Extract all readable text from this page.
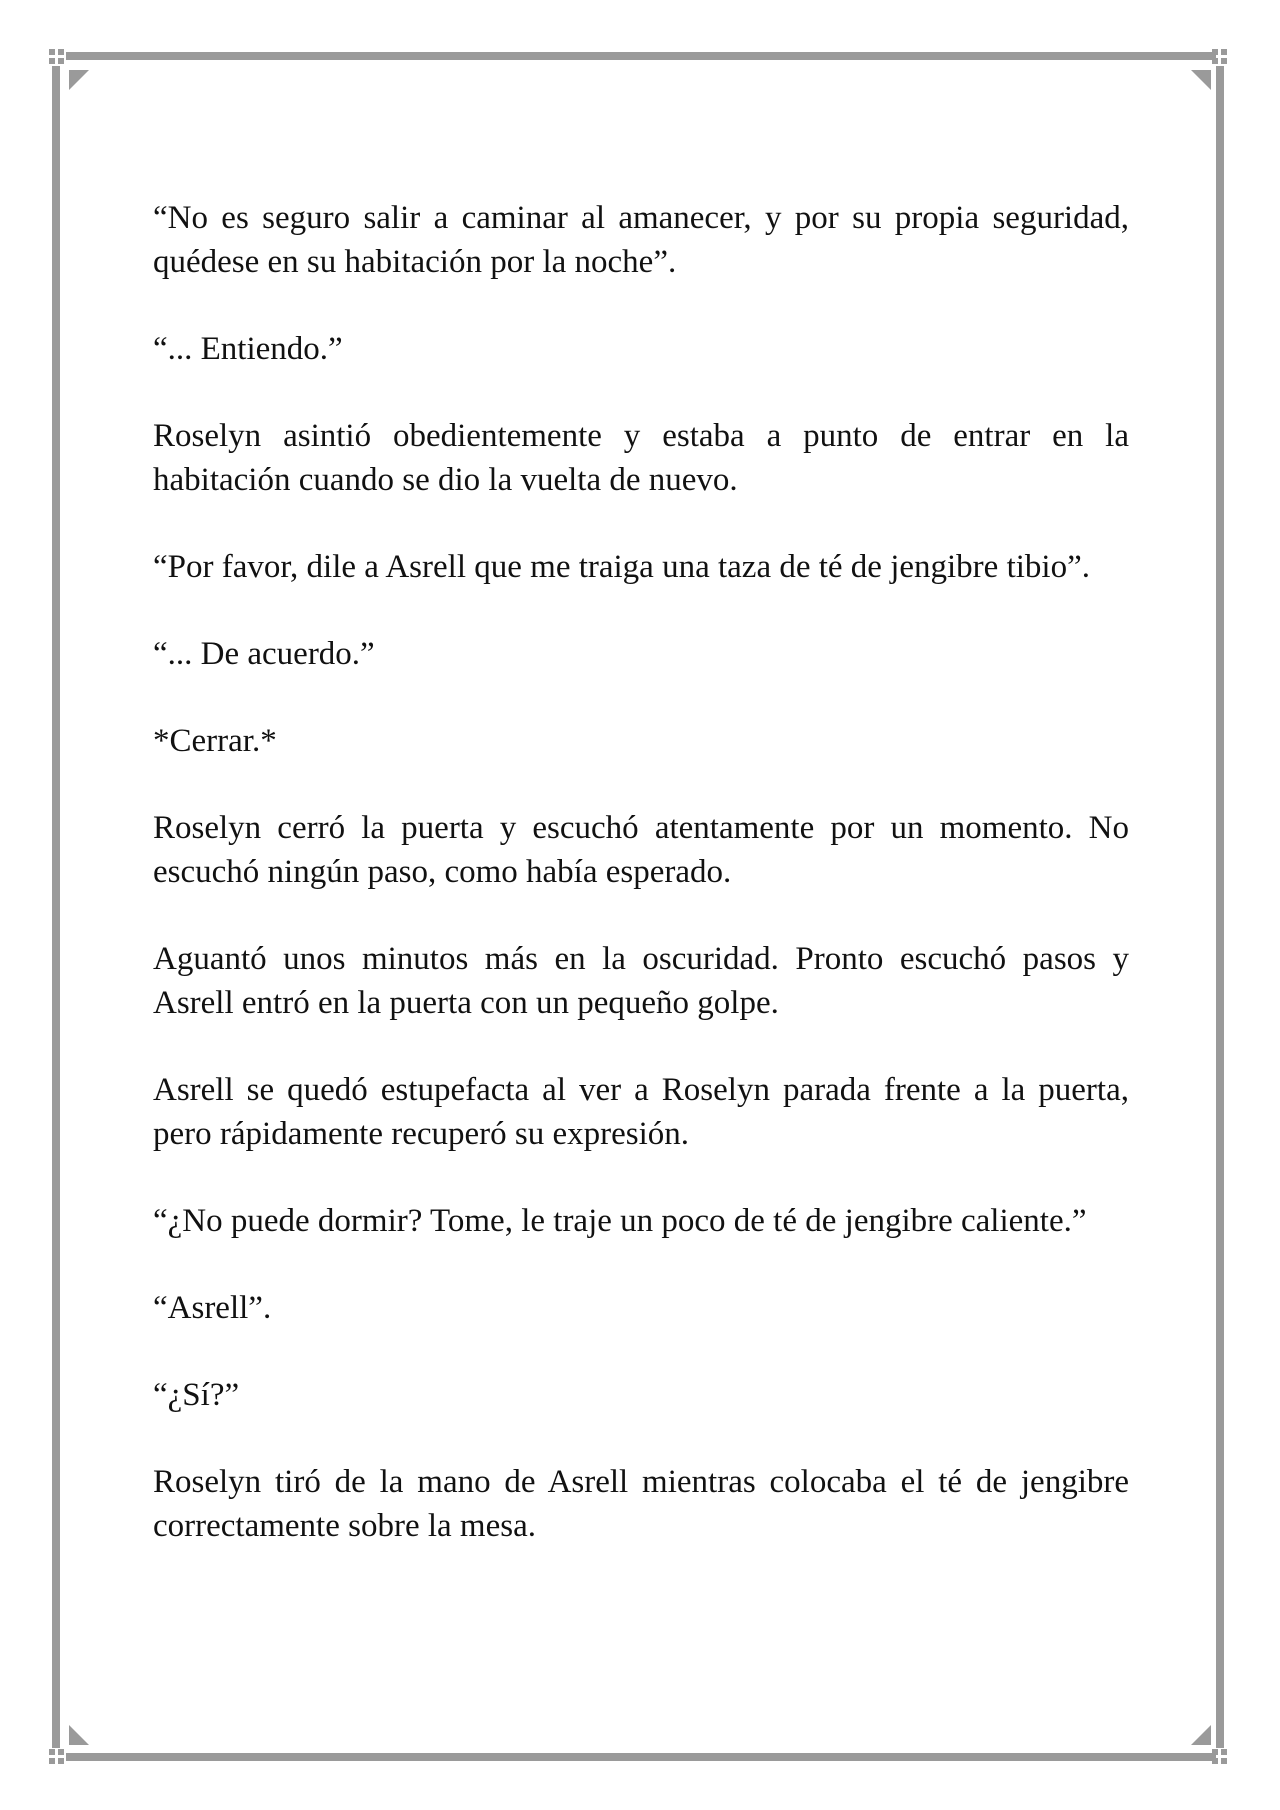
“No es seguro salir a caminar al amanecer, y por su propia seguridad, quédese en su habitación por la noche”.

“... Entiendo.”

Roselyn asintió obedientemente y estaba a punto de entrar en la habitación cuando se dio la vuelta de nuevo.

“Por favor, dile a Asrell que me traiga una taza de té de jengibre tibio”.

“... De acuerdo.”

*Cerrar.*

Roselyn cerró la puerta y escuchó atentamente por un momento. No escuchó ningún paso, como había esperado.

Aguantó unos minutos más en la oscuridad. Pronto escuchó pasos y Asrell entró en la puerta con un pequeño golpe.

Asrell se quedó estupefacta al ver a Roselyn parada frente a la puerta, pero rápidamente recuperó su expresión.

“¿No puede dormir? Tome, le traje un poco de té de jengibre caliente.”

“Asrell”.

“¿Sí?”

Roselyn tiró de la mano de Asrell mientras colocaba el té de jengibre correctamente sobre la mesa.
